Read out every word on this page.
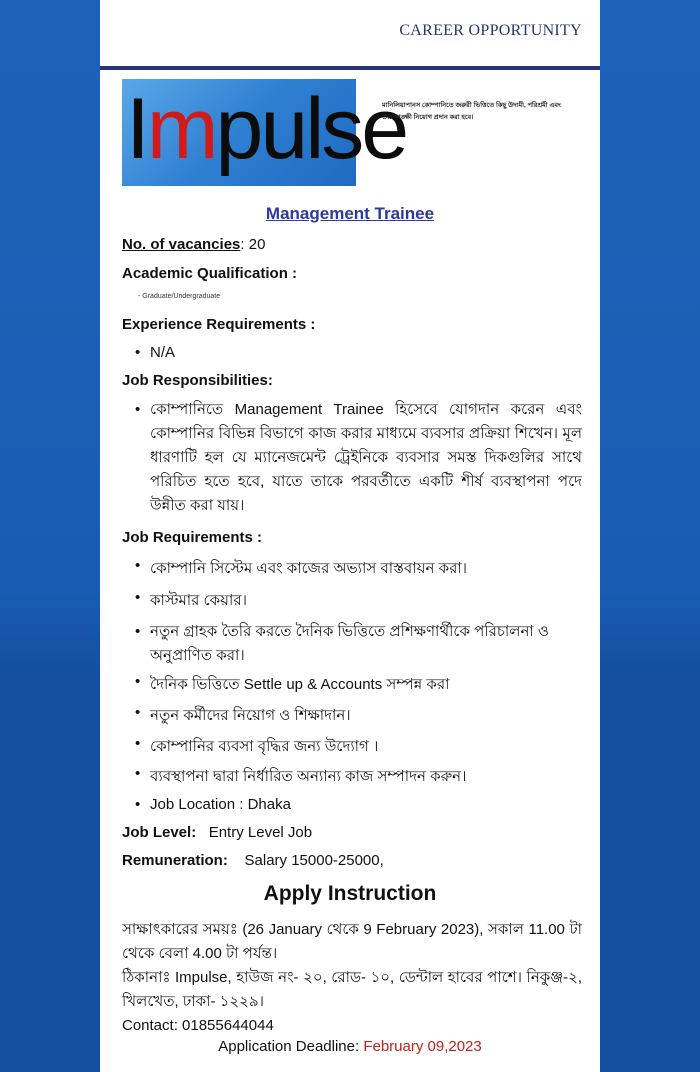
CAREER OPPORTUNITY
Impulse
মানিলিয়াপানস কোম্পানিতে জরুরী ভিত্তিতে কিছু উদ্যমী, পরিশ্রমী এবং উচ্চাকাঙ্ক্ষী নিয়োগ প্রদান করা হবে।
Management Trainee
No. of vacancies: 20
Academic Qualification :
- Graduate/Undergraduate
Experience Requirements :
• N/A
Job Responsibilities:
• কোম্পানিতে Management Trainee হিসেবে যোগদান করেন এবং কোম্পানির বিভিন্ন বিভাগে কাজ করার মাধ্যমে ব্যবসার প্রক্রিয়া শিখেন। মূল ধারণাটি হল যে ম্যানেজমেন্ট ট্রেইনিকে ব্যবসার সমস্ত দিকগুলির সাথে পরিচিত হতে হবে, যাতে তাকে পরবর্তীতে একটি শীর্ষ ব্যবস্থাপনা পদে উন্নীত করা যায়।
Job Requirements :
• কোম্পানি সিস্টেম এবং কাজের অভ্যাস বাস্তবায়ন করা।
• কাস্টমার কেয়ার।
• নতুন গ্রাহক তৈরি করতে দৈনিক ভিত্তিতে প্রশিক্ষণার্থীকে পরিচালনা ও অনুপ্রাণিত করা।
• দৈনিক ভিত্তিতে Settle up & Accounts সম্পন্ন করা
• নতুন কর্মীদের নিয়োগ ও শিক্ষাদান।
• কোম্পানির ব্যবসা বৃদ্ধির জন্য উদ্যোগ ।
• ব্যবস্থাপনা দ্বারা নির্ধারিত অন্যান্য কাজ সম্পাদন করুন।
• Job Location : Dhaka
Job Level: Entry Level Job
Remuneration: Salary 15000-25000,
Apply Instruction
সাক্ষাৎকারের সময়ঃ (26 January থেকে 9 February 2023), সকাল 11.00 টা থেকে বেলা 4.00 টা পর্যন্ত।
ঠিকানাঃ Impulse, হাউজ নং- ২০, রোড- ১০, ডেন্টাল হাবের পাশে। নিকুঞ্জ-২, খিলখেত, ঢাকা- ১২২৯।
Contact: 01855644044
Application Deadline: February 09,2023
